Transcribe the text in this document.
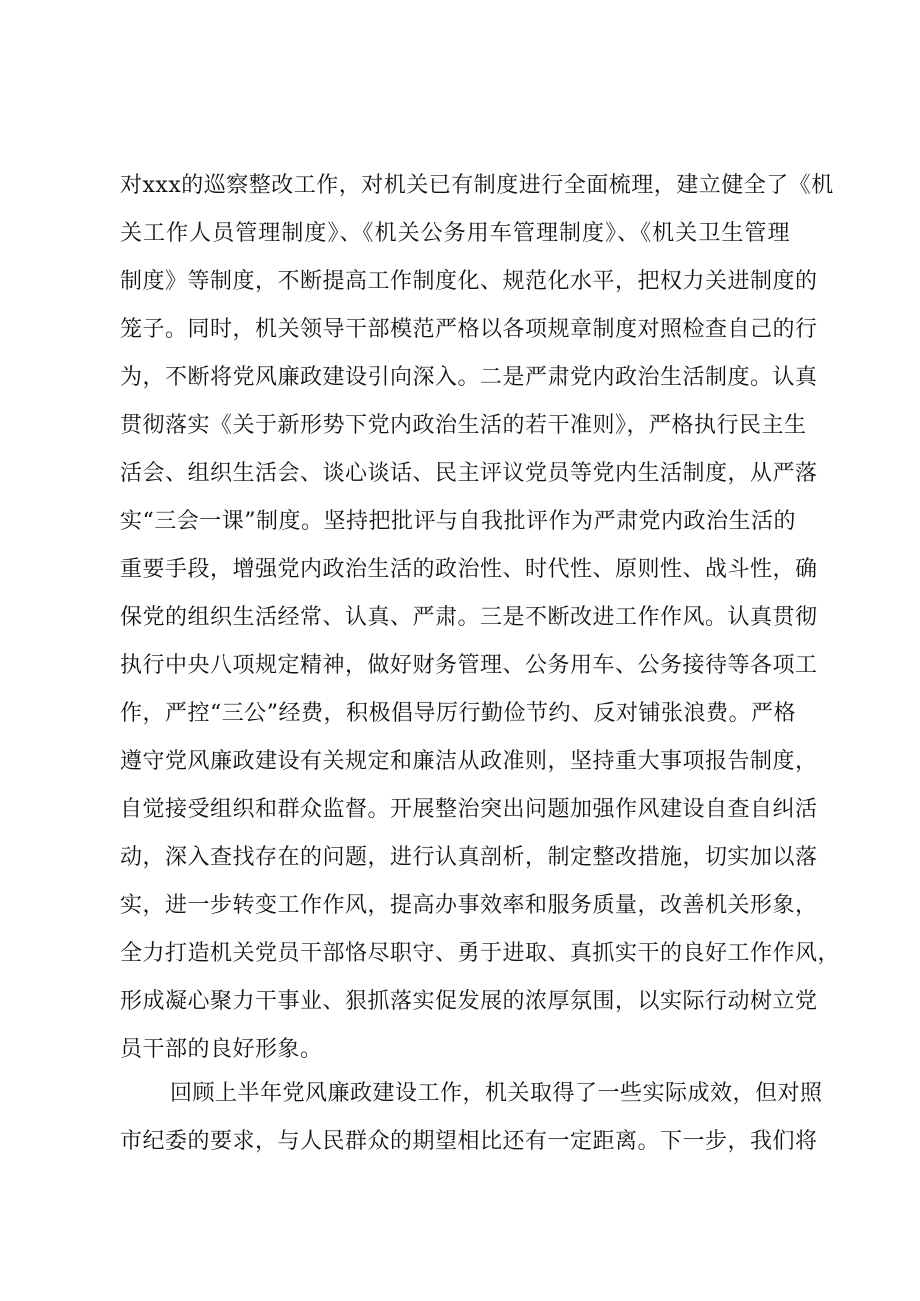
对xxx的巡察整改工作，对机关已有制度进行全面梳理，建立健全了《机
关工作人员管理制度》、《机关公务用车管理制度》、《机关卫生管理
制度》等制度，不断提高工作制度化、规范化水平，把权力关进制度的
笼子。同时，机关领导干部模范严格以各项规章制度对照检查自己的行
为，不断将党风廉政建设引向深入。二是严肃党内政治生活制度。认真
贯彻落实《关于新形势下党内政治生活的若干准则》，严格执行民主生
活会、组织生活会、谈心谈话、民主评议党员等党内生活制度，从严落
实“三会一课”制度。坚持把批评与自我批评作为严肃党内政治生活的
重要手段，增强党内政治生活的政治性、时代性、原则性、战斗性，确
保党的组织生活经常、认真、严肃。三是不断改进工作作风。认真贯彻
执行中央八项规定精神，做好财务管理、公务用车、公务接待等各项工
作，严控“三公”经费，积极倡导厉行勤俭节约、反对铺张浪费。严格
遵守党风廉政建设有关规定和廉洁从政准则，坚持重大事项报告制度，
自觉接受组织和群众监督。开展整治突出问题加强作风建设自查自纠活
动，深入查找存在的问题，进行认真剖析，制定整改措施，切实加以落
实，进一步转变工作作风，提高办事效率和服务质量，改善机关形象，
全力打造机关党员干部恪尽职守、勇于进取、真抓实干的良好工作作风，
形成凝心聚力干事业、狠抓落实促发展的浓厚氛围，以实际行动树立党
员干部的良好形象。
回顾上半年党风廉政建设工作，机关取得了一些实际成效，但对照
市纪委的要求，与人民群众的期望相比还有一定距离。下一步，我们将
